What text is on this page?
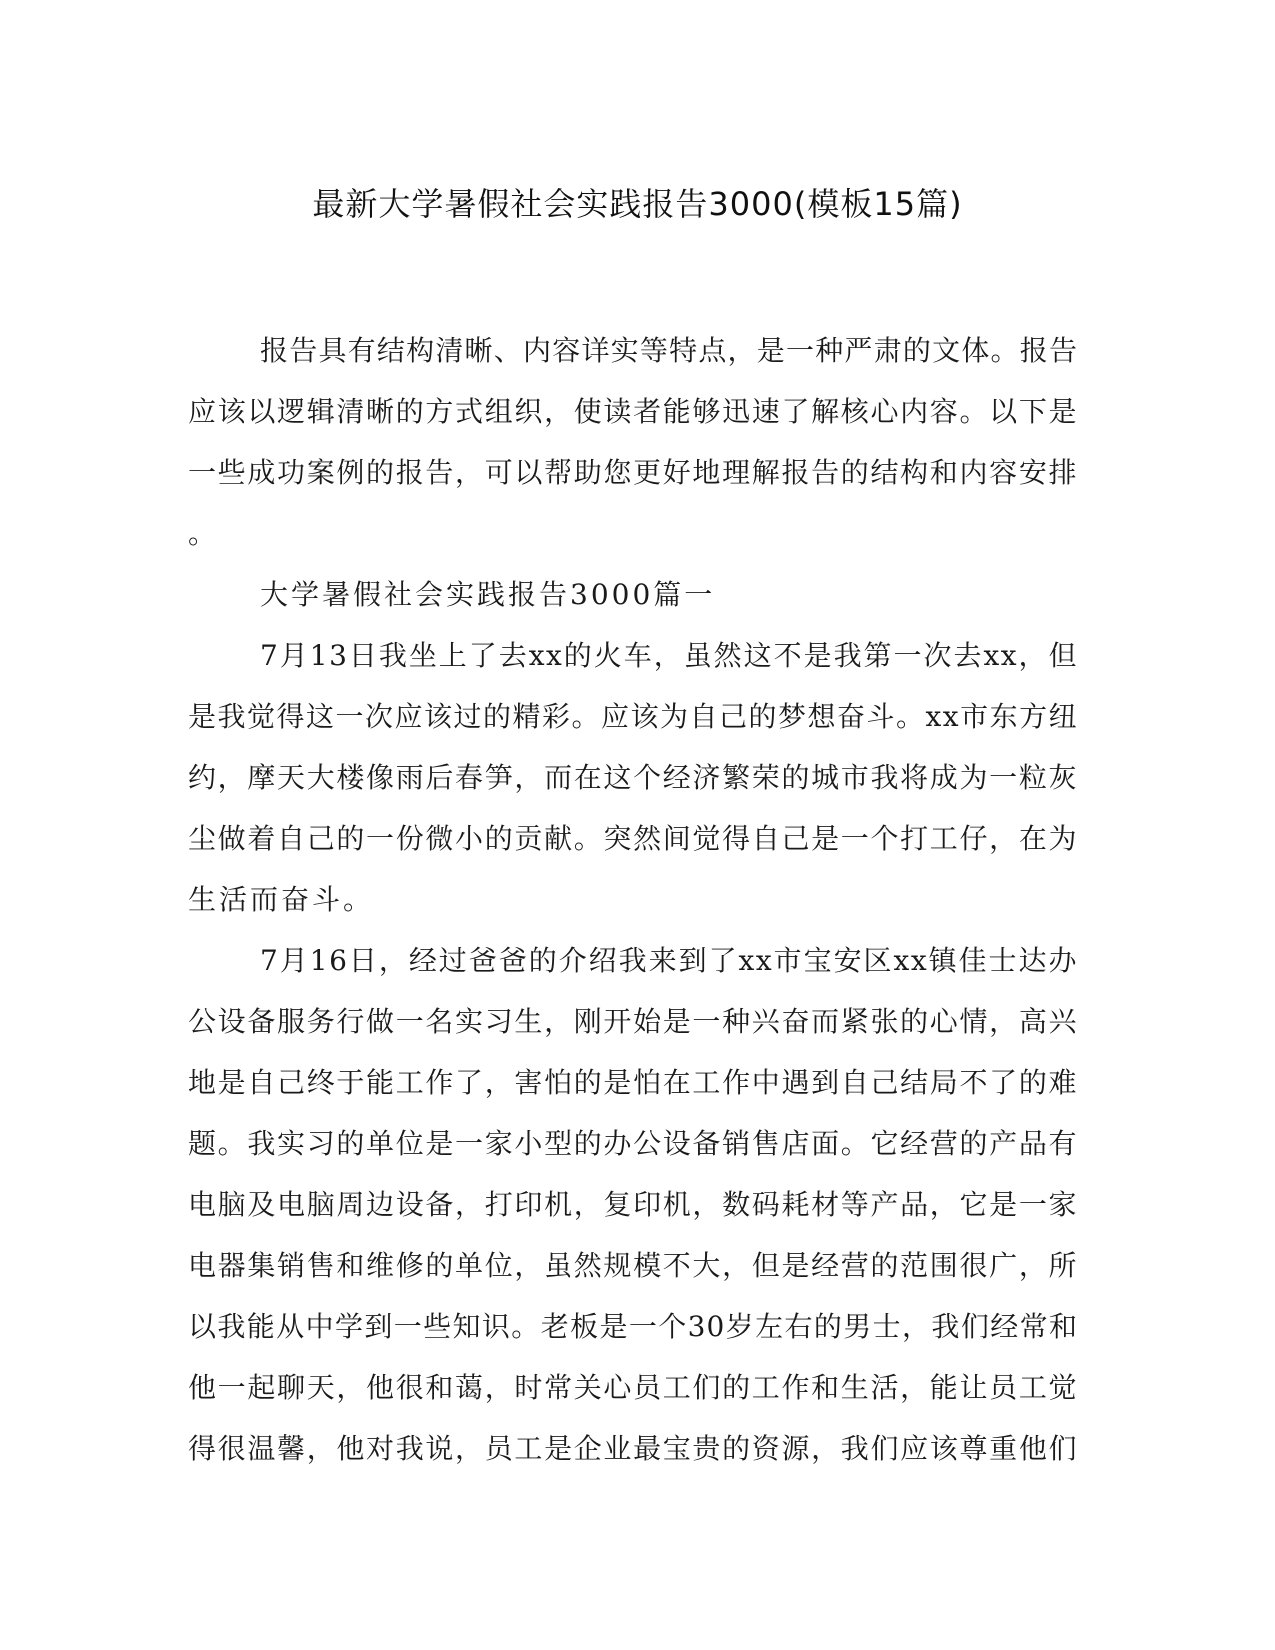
最新大学暑假社会实践报告3000(模板15篇)
报告具有结构清晰、内容详实等特点，是一种严肃的文体。报告
应该以逻辑清晰的方式组织，使读者能够迅速了解核心内容。以下是
一些成功案例的报告，可以帮助您更好地理解报告的结构和内容安排
。
大学暑假社会实践报告3000篇一
7月13日我坐上了去xx的火车，虽然这不是我第一次去xx，但
是我觉得这一次应该过的精彩。应该为自己的梦想奋斗。xx市东方纽
约，摩天大楼像雨后春笋，而在这个经济繁荣的城市我将成为一粒灰
尘做着自己的一份微小的贡献。突然间觉得自己是一个打工仔，在为
生活而奋斗。
7月16日，经过爸爸的介绍我来到了xx市宝安区xx镇佳士达办
公设备服务行做一名实习生，刚开始是一种兴奋而紧张的心情，高兴
地是自己终于能工作了，害怕的是怕在工作中遇到自己结局不了的难
题。我实习的单位是一家小型的办公设备销售店面。它经营的产品有
电脑及电脑周边设备，打印机，复印机，数码耗材等产品，它是一家
电器集销售和维修的单位，虽然规模不大，但是经营的范围很广，所
以我能从中学到一些知识。老板是一个30岁左右的男士，我们经常和
他一起聊天，他很和蔼，时常关心员工们的工作和生活，能让员工觉
得很温馨，他对我说，员工是企业最宝贵的资源，我们应该尊重他们
